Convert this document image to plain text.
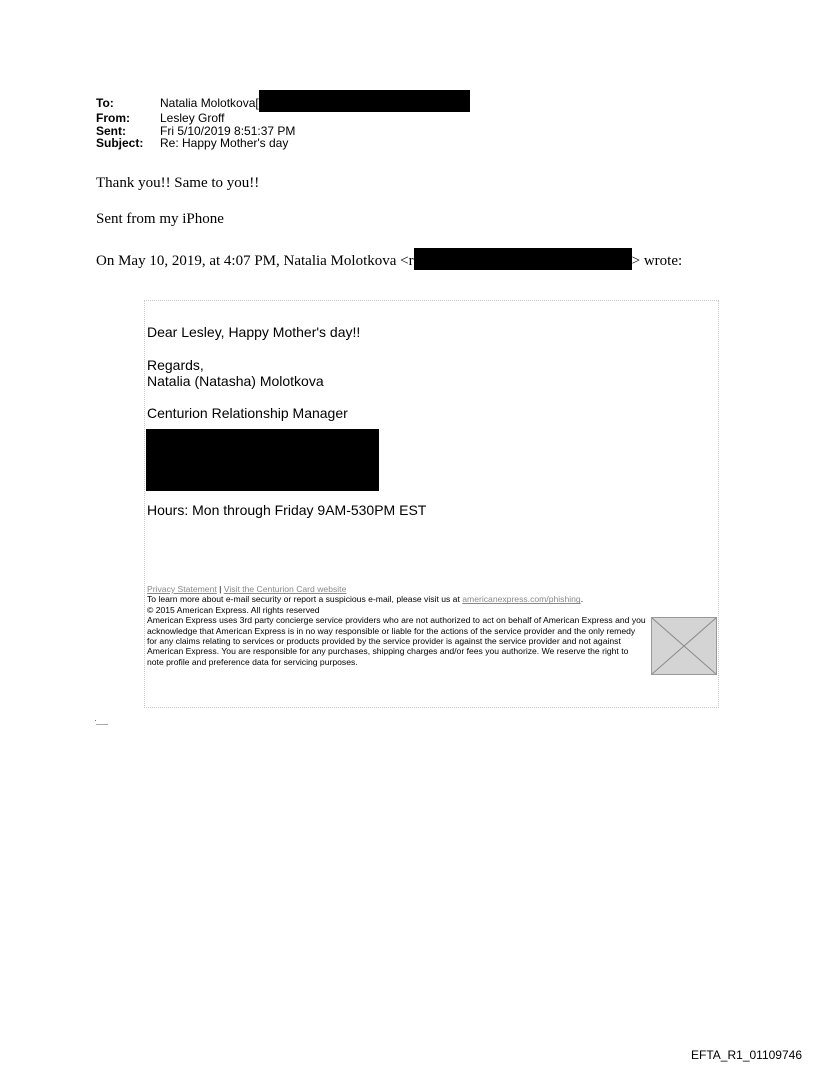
To:	Natalia Molotkova[
From:	Lesley Groff
Sent:	Fri 5/10/2019 8:51:37 PM
Subject:	Re: Happy Mother's day
Thank you!! Same to you!!
Sent from my iPhone
On May 10, 2019, at 4:07 PM, Natalia Molotkova <r	> wrote:
Dear Lesley, Happy Mother's day!!
Regards,
Natalia (Natasha) Molotkova
Centurion Relationship Manager
Hours: Mon through Friday 9AM-530PM EST
Privacy Statement | Visit the Centurion Card website
To learn more about e-mail security or report a suspicious e-mail, please visit us at americanexpress.com/phishing.
© 2015 American Express. All rights reserved
American Express uses 3rd party concierge service providers who are not authorized to act on behalf of American Express and you acknowledge that American Express is in no way responsible or liable for the actions of the service provider and the only remedy for any claims relating to services or products provided by the service provider is against the service provider and not against American Express. You are responsible for any purchases, shipping charges and/or fees you authorize. We reserve the right to note profile and preference data for servicing purposes.
EFTA_R1_01109746
